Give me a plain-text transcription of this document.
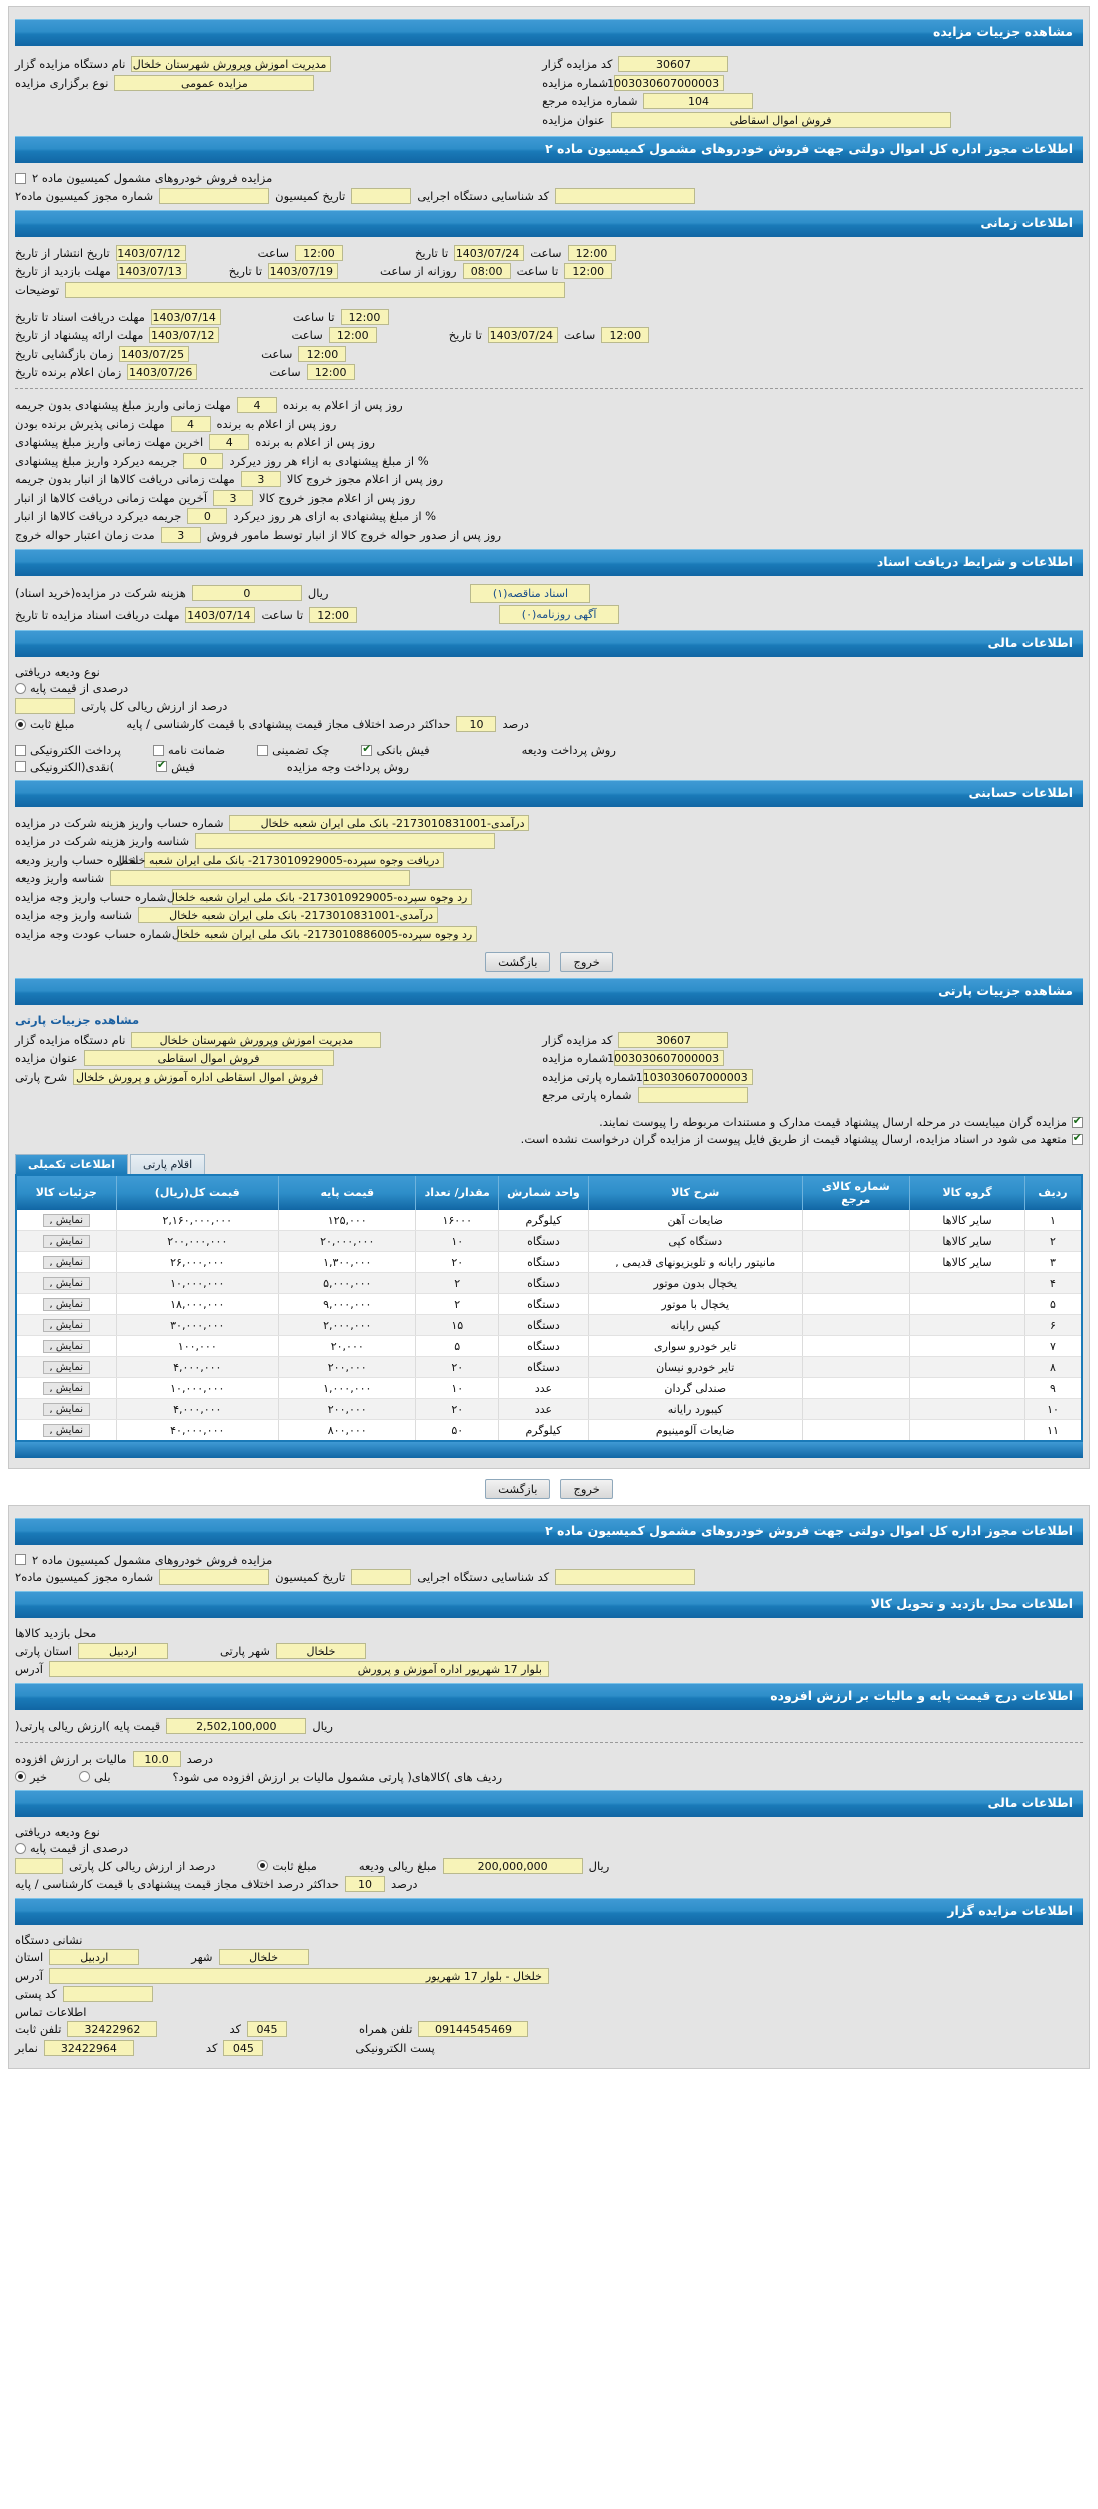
مشاهده جزییات مزایده
30607
کد مزایده گزار
1003030607000003
شماره مزایده
104
شماره مزایده مرجع
فروش اموال اسقاطی
عنوان مزایده
مدیریت اموزش وپرورش شهرستان خلخال
نام دستگاه مزایده گزار
مزایده عمومی
نوع برگزاری مزایده
اطلاعات مجوز اداره کل اموال دولتی جهت فروش خودروهای مشمول کمیسیون ماده ۲
مزایده فروش خودروهای مشمول کمیسیون ماده ۲
کد شناسایی دستگاه اجرایی
تاریخ کمیسیون
شماره مجوز کمیسیون ماده۲
اطلاعات زمانی
12:00
ساعت
1403/07/24
تا تاریخ
12:00
ساعت
1403/07/12
تاریخ انتشار از تاریخ
12:00
تا ساعت
08:00
روزانه از ساعت
1403/07/19
تا تاریخ
1403/07/13
مهلت بازدید از تاریخ
توضیحات
12:00
تا ساعت
1403/07/14
مهلت دریافت اسناد تا تاریخ
12:00
ساعت
1403/07/24
تا تاریخ
12:00
ساعت
1403/07/12
مهلت ارائه پیشنهاد از تاریخ
12:00
ساعت
1403/07/25
زمان بازگشایی تاریخ
12:00
ساعت
1403/07/26
زمان اعلام برنده تاریخ
روز پس از اعلام به برنده
4
مهلت زمانی واریز مبلغ پیشنهادی بدون جریمه
روز پس از اعلام به برنده
4
مهلت زمانی پذیرش برنده بودن
روز پس از اعلام به برنده
4
اخرین مهلت زمانی واریز مبلغ پیشنهادی
% از مبلغ پیشنهادی به ازاء هر روز دیرکرد
0
جریمه دیرکرد واریز مبلغ پیشنهادی
روز پس از اعلام مجوز خروج کالا
3
مهلت زمانی دریافت کالاها از انبار بدون جریمه
روز پس از اعلام مجوز خروج کالا
3
آخرین مهلت زمانی دریافت کالاها از انبار
% از مبلغ پیشنهادی به ازای هر روز دیرکرد
0
جریمه دیرکرد دریافت کالاها از انبار
روز پس از صدور حواله خروج کالا از انبار توسط مامور فروش
3
مدت زمان اعتبار حواله خروج
اطلاعات و شرایط دریافت اسناد
اسناد مناقصه(۱)
ریال
0
هزینه شرکت در مزایده(خرید اسناد)
آگهی روزنامه(۰)
12:00
تا ساعت
1403/07/14
مهلت دریافت اسناد مزایده تا تاریخ
اطلاعات مالی
نوع ودیعه دریافتی
درصدی از قیمت پایه
درصد از ارزش ریالی کل پارتی
درصد
10
حداکثر درصد اختلاف مجاز قیمت پیشنهادی با قیمت کارشناسی / پایه
مبلغ ثابت
روش پرداخت ودیعه
فیش بانکی
✔
چک تضمینی
ضمانت نامه
پرداخت الکترونیکی
روش پرداخت وجه مزایده
فیش
✔
)نقدی(الکترونیکی
اطلاعات حسابنی
درآمدی-2173010831001- بانک ملی ایران شعبه خلخال
شماره حساب واریز هزینه شرکت در مزایده
شناسه واریز هزینه شرکت در مزایده
دریافت وجوه سپرده-2173010929005- بانک ملی ایران شعبه خلخال
شماره حساب واریز ودیعه
شناسه واریز ودیعه
رد وجوه سپرده-2173010929005- بانک ملی ایران شعبه خلخال
شماره حساب واریز وجه مزایده
درآمدی-2173010831001- بانک ملی ایران شعبه خلخال
شناسه واریز وجه مزایده
رد وجوه سپرده-2173010886005- بانک ملی ایران شعبه خلخال
شماره حساب عودت وجه مزایده
خروج
بازگشت
مشاهده جزییات پارتی
مشاهده جزییات پارتی
30607
کد مزایده گزار
1003030607000003
شماره مزایده
1103030607000003
شماره پارتی مزایده
شماره پارتی مرجع
مدیریت اموزش وپرورش شهرستان خلخال
نام دستگاه مزایده گزار
فروش اموال اسقاطی
عنوان مزایده
فروش اموال اسقاطی اداره آموزش و پرورش خلخال
شرح پارتی
✔
مزایده گران میبایست در مرحله ارسال پیشنهاد قیمت مدارک و مستندات مربوطه را پیوست نمایند.
✔
متعهد می شود در اسناد مزایده، ارسال پیشنهاد قیمت از طریق فایل پیوست از مزایده گران درخواست نشده است.
اقلام پارتی
اطلاعات تکمیلی
ردیف	گروه کالا	شماره کالای مرجع	شرح کالا	واحد شمارش	مقدار/ تعداد	قیمت پایه	قیمت کل(ریال)	جزئیات کالا
۱	سایر کالاها		ضایعات آهن	کیلوگرم	۱۶۰۰۰	۱۲۵,۰۰۰	۲,۱۶۰,۰۰۰,۰۰۰	نمایش ,
۲	سایر کالاها		دستگاه کپی	دستگاه	۱۰	۲۰,۰۰۰,۰۰۰	۲۰۰,۰۰۰,۰۰۰	نمایش ,
۳	سایر کالاها		مانیتور رایانه و تلویزیونهای قدیمی ,	دستگاه	۲۰	۱,۳۰۰,۰۰۰	۲۶,۰۰۰,۰۰۰	نمایش ,
۴			یخچال بدون موتور	دستگاه	۲	۵,۰۰۰,۰۰۰	۱۰,۰۰۰,۰۰۰	نمایش ,
۵			یخچال با موتور	دستگاه	۲	۹,۰۰۰,۰۰۰	۱۸,۰۰۰,۰۰۰	نمایش ,
۶			کیس رایانه	دستگاه	۱۵	۲,۰۰۰,۰۰۰	۳۰,۰۰۰,۰۰۰	نمایش ,
۷			تایر خودرو سواری	دستگاه	۵	۲۰,۰۰۰	۱۰۰,۰۰۰	نمایش ,
۸			تایر خودرو نیسان	دستگاه	۲۰	۲۰۰,۰۰۰	۴,۰۰۰,۰۰۰	نمایش ,
۹			صندلی گردان	عدد	۱۰	۱,۰۰۰,۰۰۰	۱۰,۰۰۰,۰۰۰	نمایش ,
۱۰			کیبورد رایانه	عدد	۲۰	۲۰۰,۰۰۰	۴,۰۰۰,۰۰۰	نمایش ,
۱۱			ضایعات آلومینیوم	کیلوگرم	۵۰	۸۰۰,۰۰۰	۴۰,۰۰۰,۰۰۰	نمایش ,
خروج
بازگشت
اطلاعات مجوز اداره کل اموال دولتی جهت فروش خودروهای مشمول کمیسیون ماده ۲
مزایده فروش خودروهای مشمول کمیسیون ماده ۲
کد شناسایی دستگاه اجرایی
تاریخ کمیسیون
شماره مجوز کمیسیون ماده۲
اطلاعات محل بازدید و تحویل کالا
محل بازدید کالاها
خلخال
شهر پارتی
اردبیل
استان پارتی
بلوار 17 شهریور اداره آموزش و پرورش
آدرس
اطلاعات درج قیمت پایه و مالیات بر ارزش افزوده
ریال
2,502,100,000
قیمت پایه )ارزش ریالی پارتی(
درصد
10.0
مالیات بر ارزش افزوده
ردیف های )کالاهای( پارتی مشمول مالیات بر ارزش افزوده می شود؟
بلی
خیر
اطلاعات مالی
نوع ودیعه دریافتی
درصدی از قیمت پایه
ریال
200,000,000
مبلغ ریالی ودیعه
مبلغ ثابت
درصد از ارزش ریالی کل پارتی
درصد
10
حداکثر درصد اختلاف مجاز قیمت پیشنهادی با قیمت کارشناسی / پایه
اطلاعات مزایده گزار
نشانی دستگاه
خلخال
شهر
اردبیل
استان
خلخال - بلوار 17 شهریور
آدرس
کد پستی
اطلاعات تماس
09144545469
تلفن همراه
045
کد
32422962
تلفن ثابت
پست الکترونیکی
045
کد
32422964
نمابر
